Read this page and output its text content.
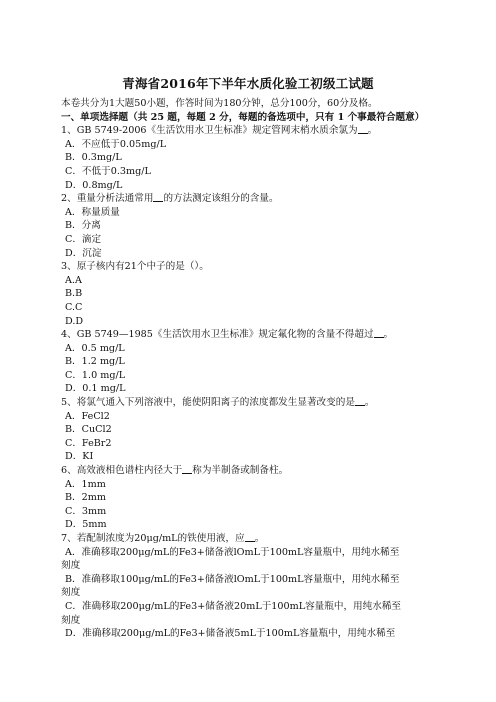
青海省2016年下半年水质化验工初级工试题
本卷共分为1大题50小题，作答时间为180分钟，总分100分，60分及格。
一、单项选择题（共 25 题，每题 2 分，每题的备选项中，只有 1 个事最符合题意）
1、GB 5749-2006《生活饮用水卫生标准》规定管网末梢水质余氯为 。
A．不应低于0.05mg/L
B．0.3mg/L
C．不低于0.3mg/L
D．0.8mg/L
2、重量分析法通常用 的方法测定该组分的含量。
A．称量质量
B．分离
C．滴定
D．沉淀
3、原子核内有21个中子的是（）。
A.A
B.B
C.C
D.D
4、GB 5749—1985《生活饮用水卫生标准》规定氟化物的含量不得超过 。
A．0.5 mg/L
B．1.2 mg/L
C．1.0 mg/L
D．0.1 mg/L
5、将氯气通入下列溶液中，能使阴阳离子的浓度都发生显著改变的是 。
A．FeCl2
B．CuCl2
C．FeBr2
D．KI
6、高效液相色谱柱内径大于 称为半制备或制备柱。
A．1mm
B．2mm
C．3mm
D．5mm
7、若配制浓度为20μg/mL的铁使用液，应 。
A．准确移取200μg/mL的Fe3+储备液lOmL于100mL容量瓶中，用纯水稀至
刻度
B．准确移取100μg/mL的Fe3+储备液lOmL于100mL容量瓶中，用纯水稀至
刻度
C．准确移取200μg/mL的Fe3+储备液20mL于100mL容量瓶中，用纯水稀至
刻度
D．准确移取200μg/mL的Fe3+储备液5mL于100mL容量瓶中，用纯水稀至
